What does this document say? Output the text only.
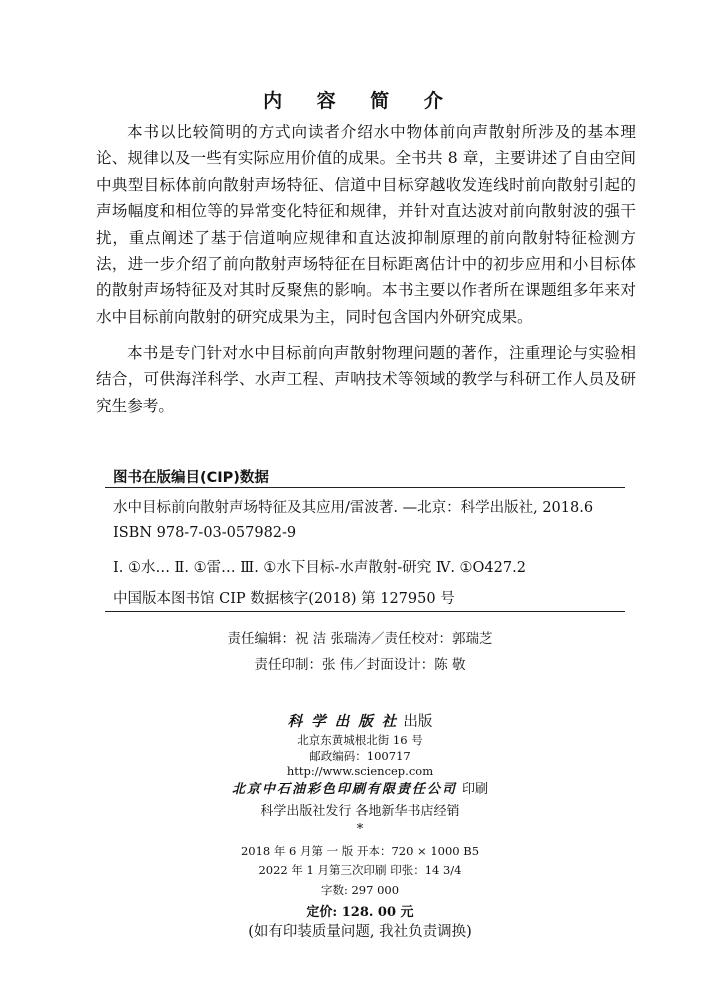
内 容 简 介

本书以比较简明的方式向读者介绍水中物体前向声散射所涉及的基本理论、规律以及一些有实际应用价值的成果。全书共 8 章，主要讲述了自由空间中典型目标体前向散射声场特征、信道中目标穿越收发连线时前向散射引起的声场幅度和相位等的异常变化特征和规律，并针对直达波对前向散射波的强干扰，重点阐述了基于信道响应规律和直达波抑制原理的前向散射特征检测方法，进一步介绍了前向散射声场特征在目标距离估计中的初步应用和小目标体的散射声场特征及对其时反聚焦的影响。本书主要以作者所在课题组多年来对水中目标前向散射的研究成果为主，同时包含国内外研究成果。

本书是专门针对水中目标前向声散射物理问题的著作，注重理论与实验相结合，可供海洋科学、水声工程、声呐技术等领域的教学与科研工作人员及研究生参考。

图书在版编目(CIP)数据
水中目标前向散射声场特征及其应用/雷波著. —北京：科学出版社, 2018.6
ISBN 978-7-03-057982-9
Ⅰ. ①水… Ⅱ. ①雷… Ⅲ. ①水下目标-水声散射-研究 Ⅳ. ①O427.2
中国版本图书馆 CIP 数据核字(2018) 第 127950 号
责任编辑：祝 洁 张瑞涛／责任校对：郭瑞芝
责任印制：张 伟／封面设计：陈 敬
科 学 出 版 社 出版
北京东黄城根北街 16 号
邮政编码：100717
http://www.sciencep.com
北京中石油彩色印刷有限责任公司 印刷
科学出版社发行 各地新华书店经销
*
2018 年 6 月第 一 版 开本：720 × 1000 B5
2022 年 1 月第三次印刷 印张：14 3/4
字数: 297 000
定价: 128. 00 元
(如有印装质量问题, 我社负责调换)
